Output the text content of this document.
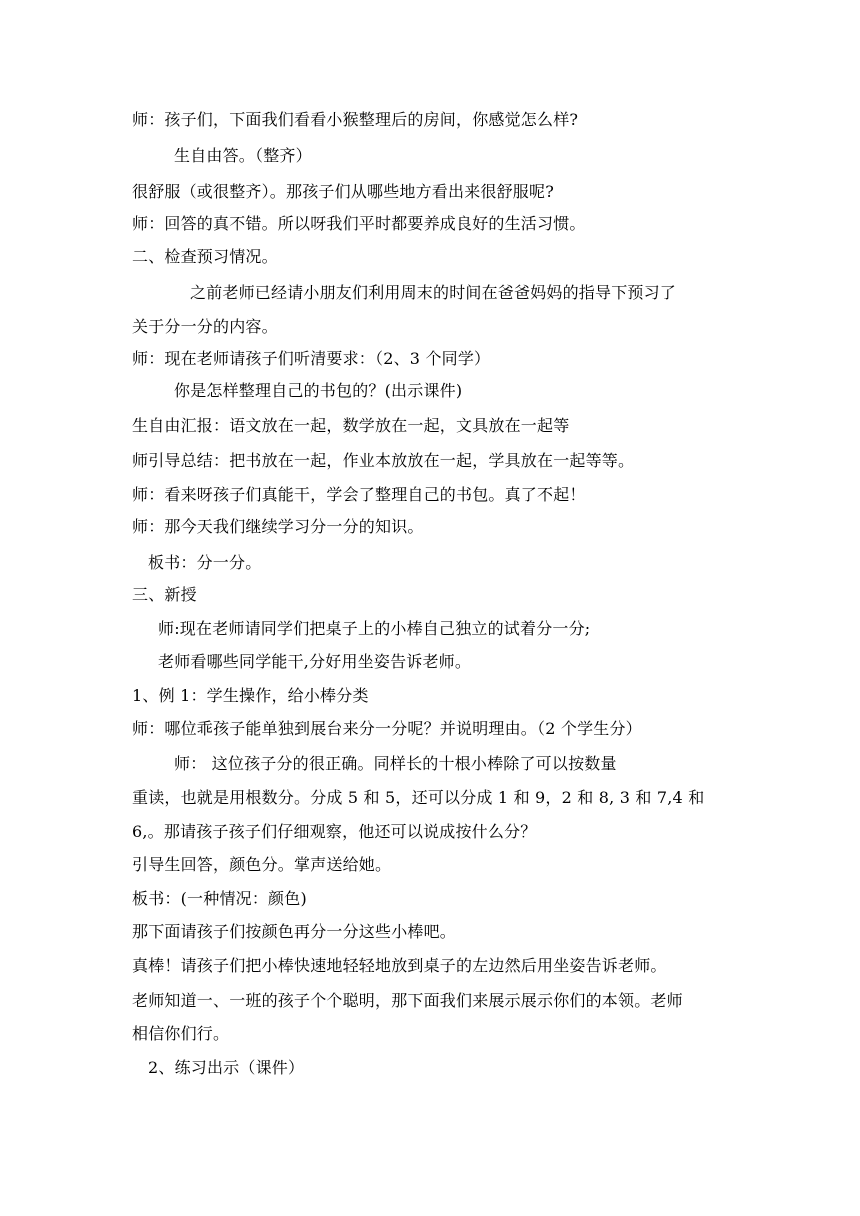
师：孩子们，下面我们看看小猴整理后的房间，你感觉怎么样?
生自由答。（整齐）
很舒服（或很整齐）。那孩子们从哪些地方看出来很舒服呢?
师：回答的真不错。所以呀我们平时都要养成良好的生活习惯。
二、检查预习情况。
之前老师已经请小朋友们利用周末的时间在爸爸妈妈的指导下预习了
关于分一分的内容。
师：现在老师请孩子们听清要求：（2、3 个同学）
你是怎样整理自己的书包的？(出示课件)
生自由汇报：语文放在一起，数学放在一起，文具放在一起等
师引导总结：把书放在一起，作业本放放在一起，学具放在一起等等。
师：看来呀孩子们真能干，学会了整理自己的书包。真了不起！
师：那今天我们继续学习分一分的知识。
板书：分一分。
三、新授
师:现在老师请同学们把桌子上的小棒自己独立的试着分一分;
老师看哪些同学能干,分好用坐姿告诉老师。
1、例 1：学生操作，给小棒分类
师：哪位乖孩子能单独到展台来分一分呢？并说明理由。（2 个学生分）
师： 这位孩子分的很正确。同样长的十根小棒除了可以按数量
重读，也就是用根数分。分成 5 和 5，还可以分成 1 和 9，2 和 8, 3 和 7,4 和
6,。那请孩子孩子们仔细观察，他还可以说成按什么分？
引导生回答，颜色分。掌声送给她。
板书：(一种情况：颜色)
那下面请孩子们按颜色再分一分这些小棒吧。
真棒！请孩子们把小棒快速地轻轻地放到桌子的左边然后用坐姿告诉老师。
老师知道一、一班的孩子个个聪明，那下面我们来展示展示你们的本领。老师
相信你们行。
2、练习出示（课件）
